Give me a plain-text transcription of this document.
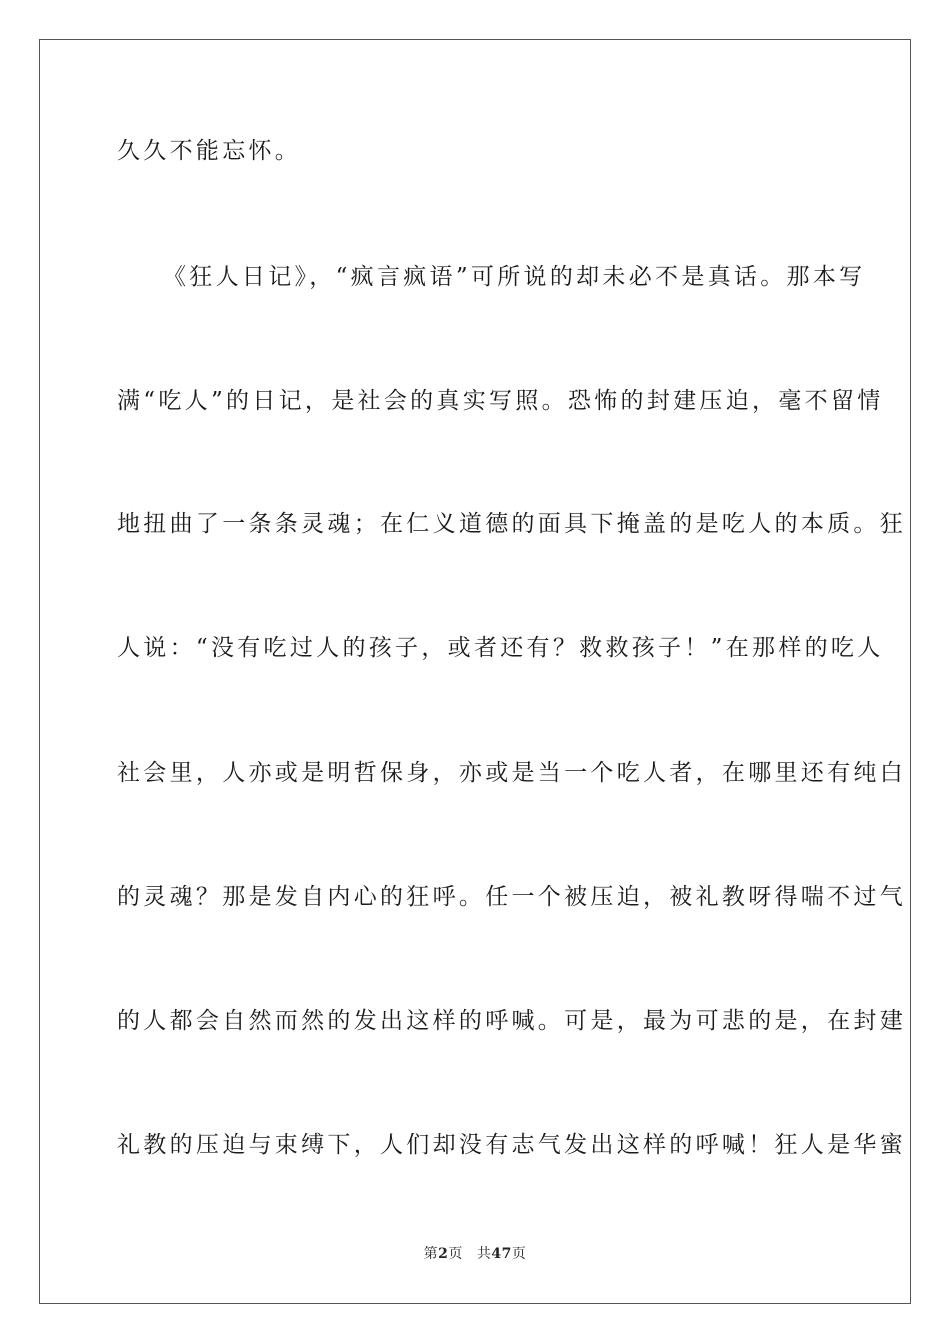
久久不能忘怀。
《狂人日记》，“疯言疯语”可所说的却未必不是真话。那本写
满“吃人”的日记，是社会的真实写照。恐怖的封建压迫，毫不留情
地扭曲了一条条灵魂；在仁义道德的面具下掩盖的是吃人的本质。狂
人说：“没有吃过人的孩子，或者还有？救救孩子！”在那样的吃人
社会里，人亦或是明哲保身，亦或是当一个吃人者，在哪里还有纯白
的灵魂？那是发自内心的狂呼。任一个被压迫，被礼教呀得喘不过气
的人都会自然而然的发出这样的呼喊。可是，最为可悲的是，在封建
礼教的压迫与束缚下，人们却没有志气发出这样的呼喊！狂人是华蜜
第2页 共47页
